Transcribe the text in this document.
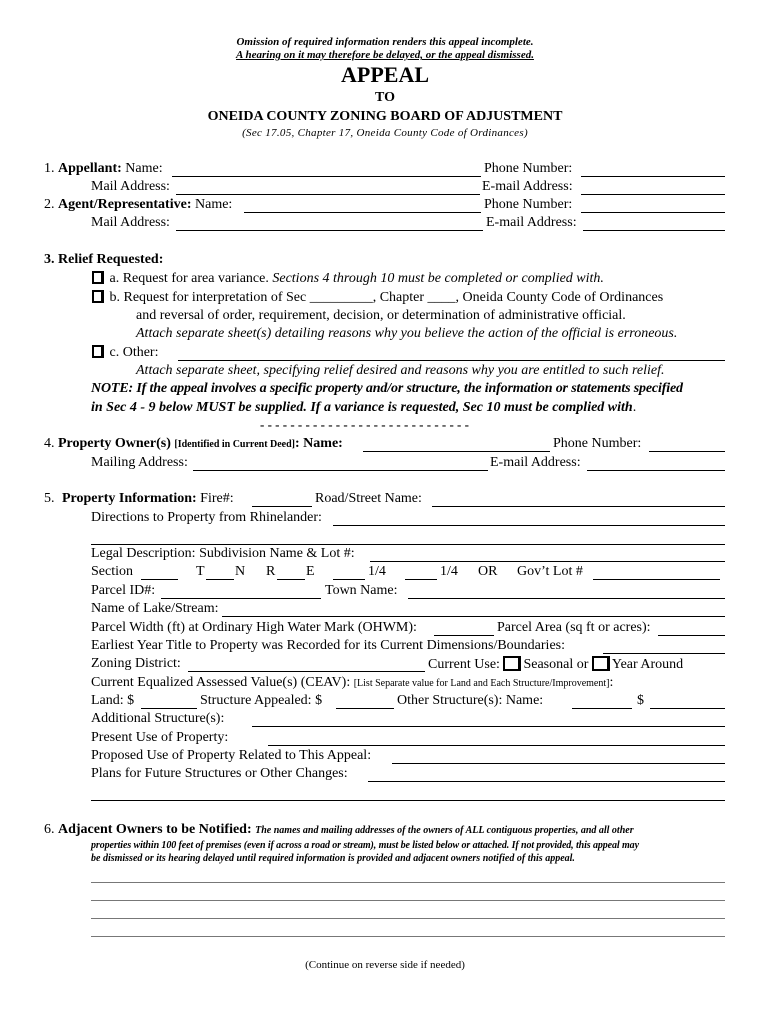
Omission of required information renders this appeal incomplete.
A hearing on it may therefore be delayed, or the appeal dismissed.
APPEAL
TO
ONEIDA COUNTY ZONING BOARD OF ADJUSTMENT
(Sec 17.05, Chapter 17, Oneida County Code of Ordinances)
1. Appellant: Name:	Phone Number:
Mail Address:	E-mail Address:
2. Agent/Representative: Name:	Phone Number:
Mail Address:	E-mail Address:
3. Relief Requested:
a. Request for area variance. Sections 4 through 10 must be completed or complied with.
b. Request for interpretation of Sec _________, Chapter ____, Oneida County Code of Ordinances
and reversal of order, requirement, decision, or determination of administrative official.
Attach separate sheet(s) detailing reasons why you believe the action of the official is erroneous.
c. Other:
Attach separate sheet, specifying relief desired and reasons why you are entitled to such relief.
NOTE: If the appeal involves a specific property and/or structure, the information or statements specified
in Sec 4 - 9 below MUST be supplied. If a variance is requested, Sec 10 must be complied with.
- - - - - - - - - - - - - - - - - - - - - - - - - - - -
4. Property Owner(s) [Identified in Current Deed]: Name:	Phone Number:
Mailing Address:	E-mail Address:
5. Property Information: Fire#:	Road/Street Name:
Directions to Property from Rhinelander:
Legal Description: Subdivision Name & Lot #:
Section	T N R E	1/4	1/4 OR Gov’t Lot #
Parcel ID#:	Town Name:
Name of Lake/Stream:
Parcel Width (ft) at Ordinary High Water Mark (OHWM):	Parcel Area (sq ft or acres):
Earliest Year Title to Property was Recorded for its Current Dimensions/Boundaries:
Zoning District:	Current Use: Seasonal or Year Around
Current Equalized Assessed Value(s) (CEAV): [List Separate value for Land and Each Structure/Improvement]:
Land: $	Structure Appealed: $	Other Structure(s): Name:	$
Additional Structure(s):
Present Use of Property:
Proposed Use of Property Related to This Appeal:
Plans for Future Structures or Other Changes:
6. Adjacent Owners to be Notified: The names and mailing addresses of the owners of ALL contiguous properties, and all other
properties within 100 feet of premises (even if across a road or stream), must be listed below or attached. If not provided, this appeal may
be dismissed or its hearing delayed until required information is provided and adjacent owners notified of this appeal.
(Continue on reverse side if needed)
